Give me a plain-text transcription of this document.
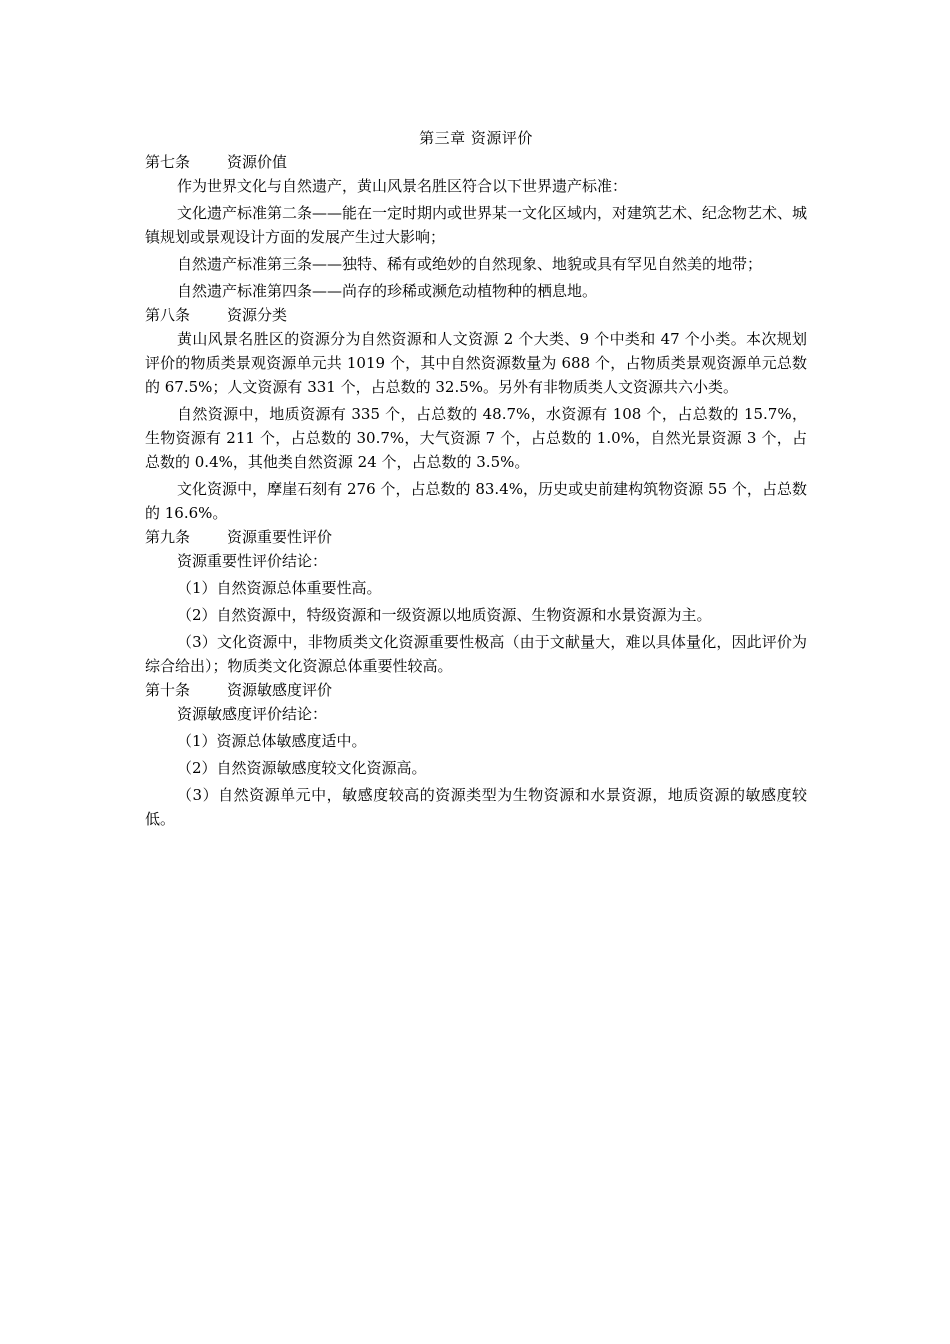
第三章 资源评价

第七条 资源价值

作为世界文化与自然遗产，黄山风景名胜区符合以下世界遗产标准：

文化遗产标准第二条——能在一定时期内或世界某一文化区域内，对建筑艺术、纪念物艺术、城镇规划或景观设计方面的发展产生过大影响；

自然遗产标准第三条——独特、稀有或绝妙的自然现象、地貌或具有罕见自然美的地带；

自然遗产标准第四条——尚存的珍稀或濒危动植物种的栖息地。

第八条 资源分类

黄山风景名胜区的资源分为自然资源和人文资源 2 个大类、9 个中类和 47 个小类。本次规划评价的物质类景观资源单元共 1019 个，其中自然资源数量为 688 个，占物质类景观资源单元总数的 67.5%；人文资源有 331 个，占总数的 32.5%。另外有非物质类人文资源共六小类。

自然资源中，地质资源有 335 个，占总数的 48.7%，水资源有 108 个，占总数的 15.7%，生物资源有 211 个，占总数的 30.7%，大气资源 7 个，占总数的 1.0%，自然光景资源 3 个，占总数的 0.4%，其他类自然资源 24 个，占总数的 3.5%。

文化资源中，摩崖石刻有 276 个，占总数的 83.4%，历史或史前建构筑物资源 55 个，占总数的 16.6%。

第九条 资源重要性评价

资源重要性评价结论：

（1）自然资源总体重要性高。

（2）自然资源中，特级资源和一级资源以地质资源、生物资源和水景资源为主。

（3）文化资源中，非物质类文化资源重要性极高（由于文献量大，难以具体量化，因此评价为综合给出）；物质类文化资源总体重要性较高。

第十条 资源敏感度评价

资源敏感度评价结论：

（1）资源总体敏感度适中。

（2）自然资源敏感度较文化资源高。

（3）自然资源单元中，敏感度较高的资源类型为生物资源和水景资源，地质资源的敏感度较低。
